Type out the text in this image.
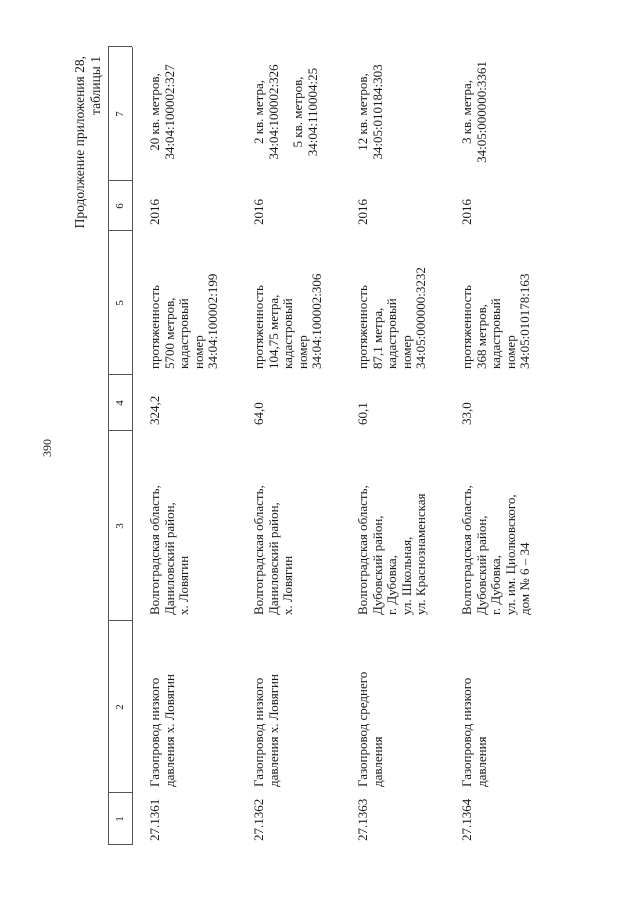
390
Продолжение приложения 28, таблицы 1
1
2
3
4
5
6
7
27.1361
Газопровод низкого давления х. Ловягин
Волгоградская область, Даниловский район, х. Ловягин
324,2
протяженность 5700 метров, кадастровый номер 34:04:100002:199
2016
20 кв. метров, 34:04:100002:327
27.1362
Газопровод низкого давления х. Ловягин
Волгоградская область, Даниловский район, х. Ловягин
64,0
протяженность 104,75 метра, кадастровый номер 34:04:100002:306
2016
2 кв. метра, 34:04:100002:326 5 кв. метров, 34:04:110004:25
27.1363
Газопровод среднего давления
Волгоградская область, Дубовский район, г. Дубовка, ул. Школьная, ул. Краснознаменская
60,1
протяженность 87,1 метра, кадастровый номер 34:05:000000:3232
2016
12 кв. метров, 34:05:010184:303
27.1364
Газопровод низкого давления
Волгоградская область, Дубовский район, г. Дубовка, ул. им. Циолковского, дом № 6 – 34
33,0
протяженность 368 метров, кадастровый номер 34:05:010178:163
2016
3 кв. метра, 34:05:000000:3361
